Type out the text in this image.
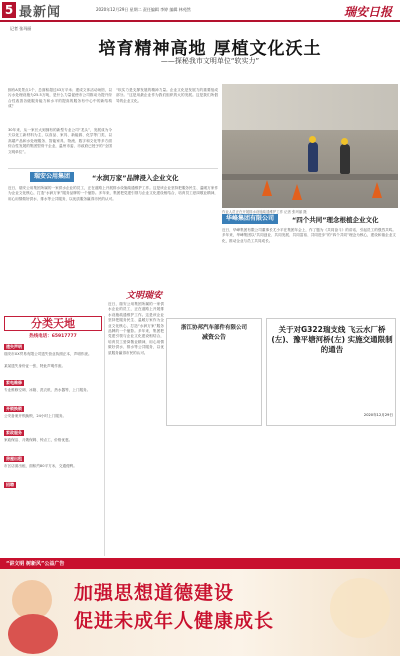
5 最新闻	2020年12月29日 星期二 责任编辑 李婷 编辑 林苑然	瑞安日报
记者 张玛丽
培育精神高地 厚植文化沃土
——探秘我市文明单位“软实力”
拥有A类景点1个，总面积超过43万平米；建成文体活动场馆，以污水处理设施为25.5万吨，是什么力量促使市公司推动为提升综合性改善各级服务能力和水平的提高的服务有中心中的新结构成？
30年来，从一家长大到拥有的新型专业公司“龙头”，发展成为今天以化工新材料为主，以食品、家具、新能源、化学等门类，以高端产品和水处理服务、智能家具、物流、数字和文化等多方面综合性发展的集团型骨干企业，温州市委、市政府已授予的“全国文明单位”。
“软实力是支撑发展的精神力量。企业文化是发展力的重要组成部分。”这是用最企业作为我们组织的大的发展。这是我们所倡导的企业文化。
作业人员正在开展排水设施疏通维护工作 记者 张玛丽 摄
瑞安公用集团	“水润万家”品牌浸入企业文化
近日，瑞安公用集团所属的一家供水企业的员工，正在道路上开展排水设施疏通维护工作。这是该企业坚持把服务民生、温暖万家作为企业文化核心，打造“水润万家”服务品牌的一个缩影。多年来，集团把党建引领与企业文化建设相结合，培育员工爱岗敬业精神，用心用情做好供水、排水等公共服务，以优质服务赢得市民的认可。
华峰集团有限公司	“四个共同”理念根植企业文化
近日，华峰集团有限公司董事长尤小平在集团年会上，作了题为《共同奋斗》的讲话，引起员工的强烈共鸣。多年来，华峰集团以“共同创业、共同发展、共同富裕、共同进步”的“四个共同”理念为核心，建设和谐企业文化，推动企业与员工共同成长。
文明瑞安
分类天地
热线电话：65917777
遗失声明
瑞安市XX贸易有限公司遗失营业执照正本，声明作废。
某某遗失身份证一张，特此声明作废。
家电维修
专业维修空调、冰箱、洗衣机、热水器等，上门服务。
开锁换锁
公安备案开锁换锁，24小时上门服务。
家政服务
家政保洁、月嫂保姆、钟点工，价格优惠。
房屋出租
市区店面出租，面积约80平方米，交通便利。
招聘
近日，瑞安公用集团所属的一家供水企业的员工，正在道路上开展排水设施疏通维护工作。这是该企业坚持把服务民生、温暖万家作为企业文化核心，打造“水润万家”服务品牌的一个缩影。多年来，集团把党建引领与企业文化建设相结合，培育员工爱岗敬业精神，用心用情做好供水、排水等公共服务，以优质服务赢得市民的认可。
浙江协邦汽车部件有限公司
减资公告
关于对G322瑞支线 飞云水厂桥(左)、豫平塘河桥(左) 实施交通限制的通告
2020年12月29日
“讲文明 树新风”公益广告
加强思想道德建设
促进未成年人健康成长
